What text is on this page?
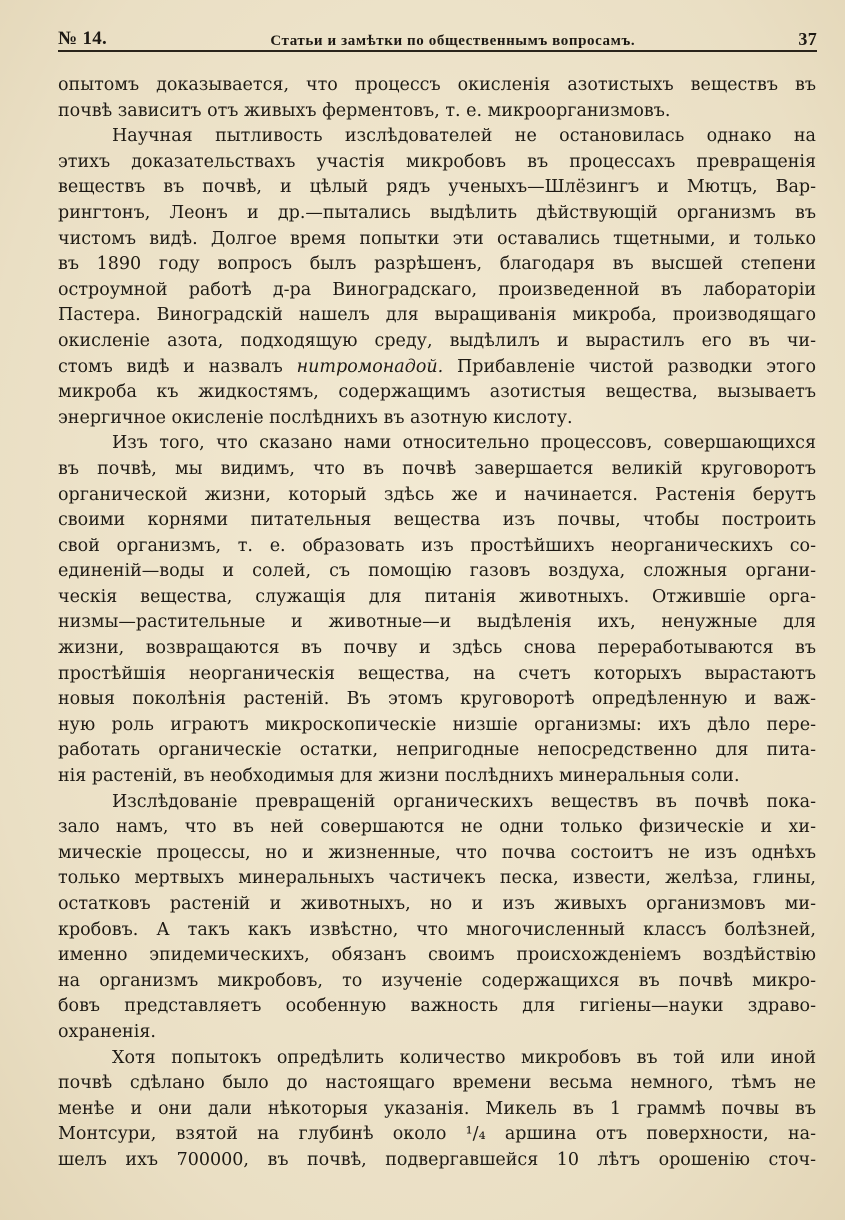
№ 14.	Статьи и замѣтки по общественнымъ вопросамъ.	37
опытомъ доказывается, что процессъ окисленія азотистыхъ веществъ въ
почвѣ зависитъ отъ живыхъ ферментовъ, т. е. микроорганизмовъ.
Научная пытливость изслѣдователей не остановилась однако на
этихъ доказательствахъ участія микробовъ въ процессахъ превращенія
веществъ въ почвѣ, и цѣлый рядъ ученыхъ—Шлёзингъ и Мютцъ, Вар-
рингтонъ, Леонъ и др.—пытались выдѣлить дѣйствующій организмъ въ
чистомъ видѣ. Долгое время попытки эти оставались тщетными, и только
въ 1890 году вопросъ былъ разрѣшенъ, благодаря въ высшей степени
остроумной работѣ д-ра Виноградскаго, произведенной въ лабораторіи
Пастера. Виноградскій нашелъ для выращиванія микроба, производящаго
окисленіе азота, подходящую среду, выдѣлилъ и вырастилъ его въ чи-
стомъ видѣ и назвалъ нитромонадой. Прибавленіе чистой разводки этого
микроба къ жидкостямъ, содержащимъ азотистыя вещества, вызываетъ
энергичное окисленіе послѣднихъ въ азотную кислоту.
Изъ того, что сказано нами относительно процессовъ, совершающихся
въ почвѣ, мы видимъ, что въ почвѣ завершается великій круговоротъ
органической жизни, который здѣсь же и начинается. Растенія берутъ
своими корнями питательныя вещества изъ почвы, чтобы построить
свой организмъ, т. е. образовать изъ простѣйшихъ неорганическихъ со-
единеній—воды и солей, съ помощію газовъ воздуха, сложныя органи-
ческія вещества, служащія для питанія животныхъ. Отжившіе орга-
низмы—растительные и животные—и выдѣленія ихъ, ненужные для
жизни, возвращаются въ почву и здѣсь снова переработываются въ
простѣйшія неорганическія вещества, на счетъ которыхъ вырастаютъ
новыя поколѣнія растеній. Въ этомъ круговоротѣ опредѣленную и важ-
ную роль играютъ микроскопическіе низшіе организмы: ихъ дѣло пере-
работать органическіе остатки, непригодные непосредственно для пита-
нія растеній, въ необходимыя для жизни послѣднихъ минеральныя соли.
Изслѣдованіе превращеній органическихъ веществъ въ почвѣ пока-
зало намъ, что въ ней совершаются не одни только физическіе и хи-
мическіе процессы, но и жизненные, что почва состоитъ не изъ однѣхъ
только мертвыхъ минеральныхъ частичекъ песка, извести, желѣза, глины,
остатковъ растеній и животныхъ, но и изъ живыхъ организмовъ ми-
кробовъ. А такъ какъ извѣстно, что многочисленный классъ болѣзней,
именно эпидемическихъ, обязанъ своимъ происхожденіемъ воздѣйствію
на организмъ микробовъ, то изученіе содержащихся въ почвѣ микро-
бовъ представляетъ особенную важность для гигіены—науки здраво-
охраненія.
Хотя попытокъ опредѣлить количество микробовъ въ той или иной
почвѣ сдѣлано было до настоящаго времени весьма немного, тѣмъ не
менѣе и они дали нѣкоторыя указанія. Микель въ 1 граммѣ почвы въ
Монтсури, взятой на глубинѣ около ¹/₄ аршина отъ поверхности, на-
шелъ ихъ 700000, въ почвѣ, подвергавшейся 10 лѣтъ орошенію сточ-
